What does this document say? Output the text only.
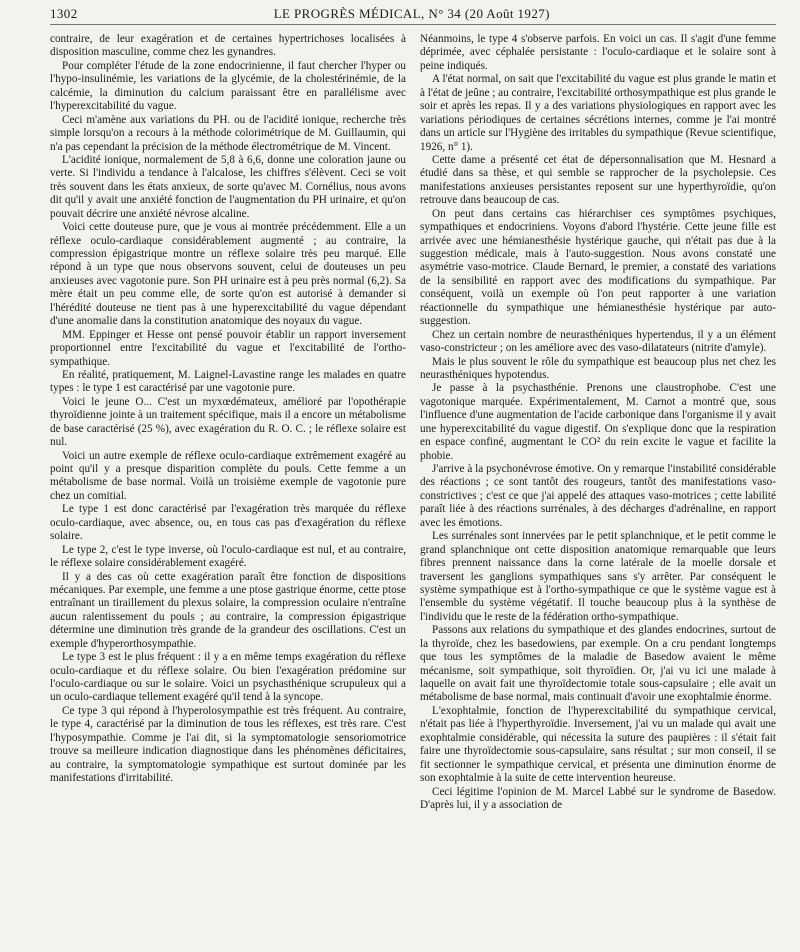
1302	LE PROGRÈS MÉDICAL, N° 34 (20 Août 1927)

contraire, de leur exagération et de certaines hypertrichoses localisées à disposition masculine, comme chez les gynandres.

Pour compléter l'étude de la zone endocrinienne, il faut chercher l'hyper ou l'hypo-insulinémie, les variations de la glycémie, de la cholestérinémie, de la calcémie, la diminution du calcium paraissant être en parallélisme avec l'hyperexcitabilité du vague.

Ceci m'amène aux variations du PH. ou de l'acidité ionique, recherche très simple lorsqu'on a recours à la méthode colorimétrique de M. Guillaumin, qui n'a pas cependant la précision de la méthode électrométrique de M. Vincent.

L'acidité ionique, normalement de 5,8 à 6,6, donne une coloration jaune ou verte. Si l'individu a tendance à l'alcalose, les chiffres s'élèvent. Ceci se voit très souvent dans les états anxieux, de sorte qu'avec M. Cornélius, nous avons dit qu'il y avait une anxiété fonction de l'augmentation du PH urinaire, et qu'on pouvait décrire une anxiété névrose alcaline.

Voici cette douteuse pure, que je vous ai montrée précédemment. Elle a un réflexe oculo-cardiaque considérablement augmenté ; au contraire, la compression épigastrique montre un réflexe solaire très peu marqué. Elle répond à un type que nous observons souvent, celui de douteuses un peu anxieuses avec vagotonie pure. Son PH urinaire est à peu près normal (6,2). Sa mère était un peu comme elle, de sorte qu'on est autorisé à demander si l'hérédité douteuse ne tient pas à une hyperexcitabilité du vague dépendant d'une anomalie dans la constitution anatomique des noyaux du vague.

MM. Eppinger et Hesse ont pensé pouvoir établir un rapport inversement proportionnel entre l'excitabilité du vague et l'excitabilité de l'ortho-sympathique.

En réalité, pratiquement, M. Laignel-Lavastine range les malades en quatre types : le type 1 est caractérisé par une vagotonie pure.

Voici le jeune O... C'est un myxœdémateux, amélioré par l'opothérapie thyroïdienne jointe à un traitement spécifique, mais il a encore un métabolisme de base caractérisé (25 %), avec exagération du R. O. C. ; le réflexe solaire est nul.

Voici un autre exemple de réflexe oculo-cardiaque extrêmement exagéré au point qu'il y a presque disparition complète du pouls. Cette femme a un métabolisme de base normal. Voilà un troisième exemple de vagotonie pure chez un comitial.

Le type 1 est donc caractérisé par l'exagération très marquée du réflexe oculo-cardiaque, avec absence, ou, en tous cas pas d'exagération du réflexe solaire.

Le type 2, c'est le type inverse, où l'oculo-cardiaque est nul, et au contraire, le réflexe solaire considérablement exagéré.

Il y a des cas où cette exagération paraît être fonction de dispositions mécaniques. Par exemple, une femme a une ptose gastrique énorme, cette ptose entraînant un tiraillement du plexus solaire, la compression oculaire n'entraîne aucun ralentissement du pouls ; au contraire, la compression épigastrique détermine une diminution très grande de la grandeur des oscillations. C'est un exemple d'hyperorthosympathie.

Le type 3 est le plus fréquent : il y a en même temps exagération du réflexe oculo-cardiaque et du réflexe solaire. Ou bien l'exagération prédomine sur l'oculo-cardiaque ou sur le solaire. Voici un psychasthénique scrupuleux qui a un oculo-cardiaque tellement exagéré qu'il tend à la syncope.

Ce type 3 qui répond à l'hyperolosympathie est très fréquent. Au contraire, le type 4, caractérisé par la diminution de tous les réflexes, est très rare. C'est l'hyposympathie. Comme je l'ai dit, si la symptomatologie sensoriomotrice trouve sa meilleure indication diagnostique dans les phénomènes déficitaires, au contraire, la symptomatologie sympathique est surtout dominée par les manifestations d'irritabilité.

Néanmoins, le type 4 s'observe parfois. En voici un cas. Il s'agit d'une femme déprimée, avec céphalée persistante : l'oculo-cardiaque et le solaire sont à peine indiqués.

A l'état normal, on sait que l'excitabilité du vague est plus grande le matin et à l'état de jeûne ; au contraire, l'excitabilité orthosympathique est plus grande le soir et après les repas. Il y a des variations physiologiques en rapport avec les variations périodiques de certaines sécrétions internes, comme je l'ai montré dans un article sur l'Hygiène des irritables du sympathique (Revue scientifique, 1926, n° 1).

Cette dame a présenté cet état de dépersonnalisation que M. Hesnard a étudié dans sa thèse, et qui semble se rapprocher de la psycholepsie. Ces manifestations anxieuses persistantes reposent sur une hyperthyroïdie, qu'on retrouve dans beaucoup de cas.

On peut dans certains cas hiérarchiser ces symptômes psychiques, sympathiques et endocriniens. Voyons d'abord l'hystérie. Cette jeune fille est arrivée avec une hémianesthésie hystérique gauche, qui n'était pas due à la suggestion médicale, mais à l'auto-suggestion. Nous avons constaté une asymétrie vaso-motrice. Claude Bernard, le premier, a constaté des variations de la sensibilité en rapport avec des modifications du sympathique. Par conséquent, voilà un exemple où l'on peut rapporter à une variation réactionnelle du sympathique une hémianesthésie hystérique par auto-suggestion.

Chez un certain nombre de neurasthéniques hypertendus, il y a un élément vaso-constricteur ; on les améliore avec des vaso-dilatateurs (nitrite d'amyle).

Mais le plus souvent le rôle du sympathique est beaucoup plus net chez les neurasthéniques hypotendus.

Je passe à la psychasthénie. Prenons une claustrophobe. C'est une vagotonique marquée. Expérimentalement, M. Carnot a montré que, sous l'influence d'une augmentation de l'acide carbonique dans l'organisme il y avait une hyperexcitabilité du vague digestif. On s'explique donc que la respiration en espace confiné, augmentant le CO² du rein excite le vague et facilite la phobie.

J'arrive à la psychonévrose émotive. On y remarque l'instabilité considérable des réactions ; ce sont tantôt des rougeurs, tantôt des manifestations vaso-constrictives ; c'est ce que j'ai appelé des attaques vaso-motrices ; cette labilité paraît liée à des réactions surrénales, à des décharges d'adrénaline, en rapport avec les émotions.

Les surrénales sont innervées par le petit splanchnique, et le petit comme le grand splanchnique ont cette disposition anatomique remarquable que leurs fibres prennent naissance dans la corne latérale de la moelle dorsale et traversent les ganglions sympathiques sans s'y arrêter. Par conséquent le système sympathique est à l'ortho-sympathique ce que le système vague est à l'ensemble du système végétatif. Il touche beaucoup plus à la synthèse de l'individu que le reste de la fédération ortho-sympathique.

Passons aux relations du sympathique et des glandes endocrines, surtout de la thyroïde, chez les basedowiens, par exemple. On a cru pendant longtemps que tous les symptômes de la maladie de Basedow avaient le même mécanisme, soit sympathique, soit thyroïdien. Or, j'ai vu ici une malade à laquelle on avait fait une thyroïdectomie totale sous-capsulaire ; elle avait un métabolisme de base normal, mais continuait d'avoir une exophtalmie énorme.

L'exophtalmie, fonction de l'hyperexcitabilité du sympathique cervical, n'était pas liée à l'hyperthyroïdie. Inversement, j'ai vu un malade qui avait une exophtalmie considérable, qui nécessita la suture des paupières : il s'était fait faire une thyroïdectomie sous-capsulaire, sans résultat ; sur mon conseil, il se fit sectionner le sympathique cervical, et présenta une diminution énorme de son exophtalmie à la suite de cette intervention heureuse.

Ceci légitime l'opinion de M. Marcel Labbé sur le syndrome de Basedow. D'après lui, il y a association de
